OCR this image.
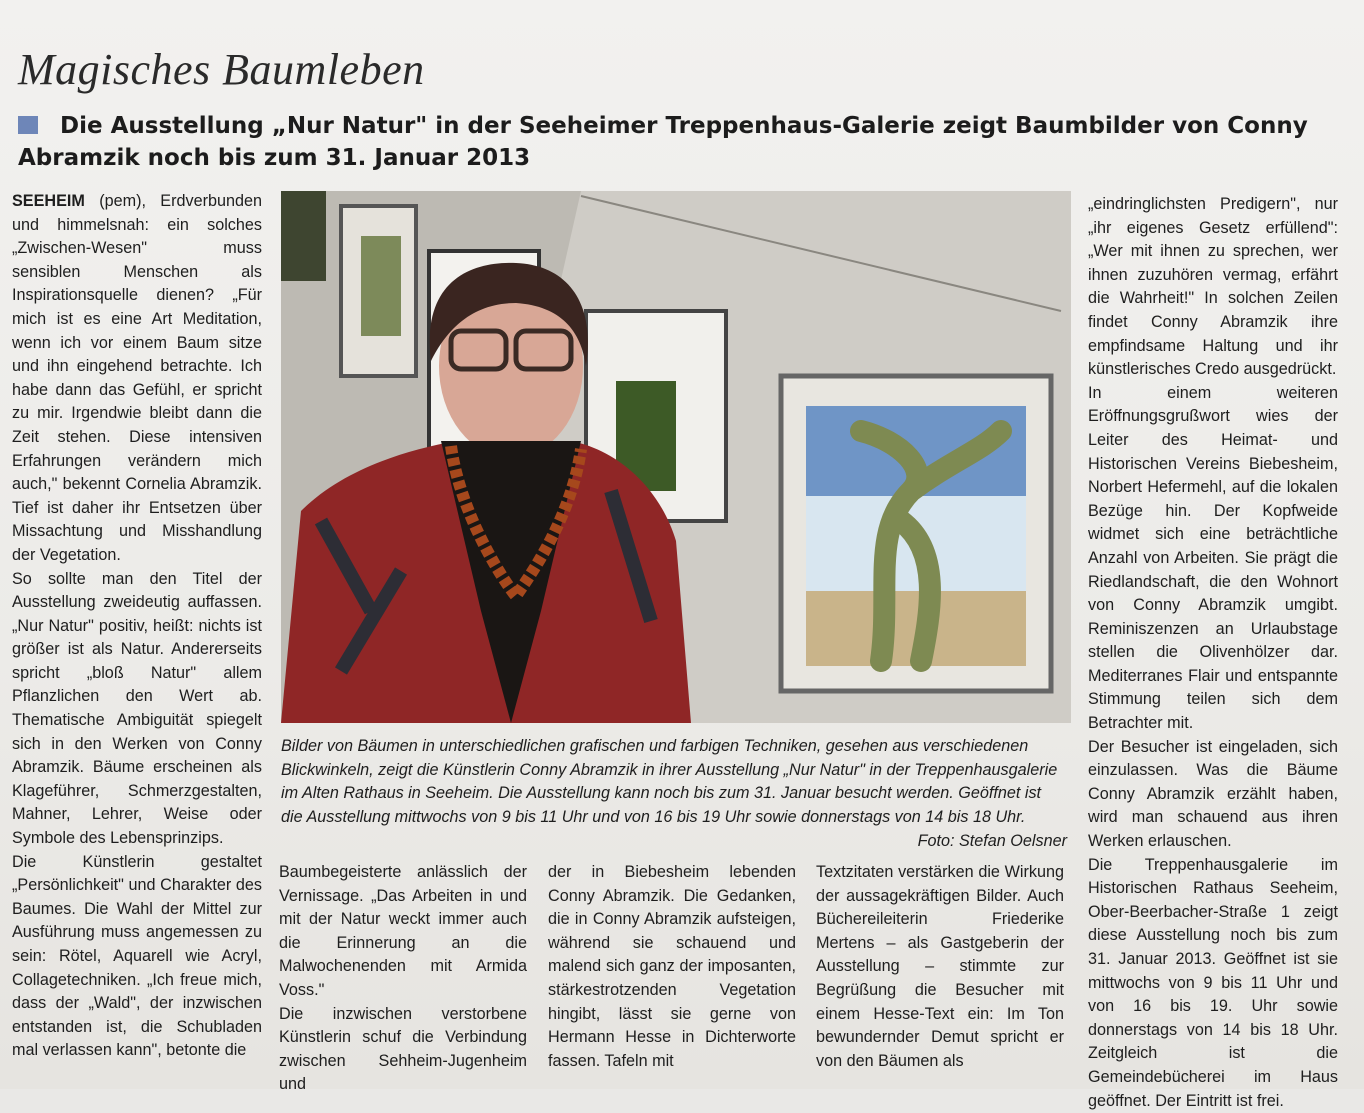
Magisches Baumleben
Die Ausstellung „Nur Natur" in der Seeheimer Treppenhaus-Galerie zeigt Baumbilder von Conny Abramzik noch bis zum 31. Januar 2013

SEEHEIM (pem), Erdverbunden und himmelsnah: ein solches „Zwischen-Wesen" muss sensiblen Menschen als Inspirationsquelle dienen? „Für mich ist es eine Art Meditation, wenn ich vor einem Baum sitze und ihn eingehend betrachte. Ich habe dann das Gefühl, er spricht zu mir. Irgendwie bleibt dann die Zeit stehen. Diese intensiven Erfahrungen verändern mich auch," bekennt Cornelia Abramzik. Tief ist daher ihr Entsetzen über Missachtung und Misshandlung der Vegetation.

So sollte man den Titel der Ausstellung zweideutig auffassen. „Nur Natur" positiv, heißt: nichts ist größer ist als Natur. Andererseits spricht „bloß Natur" allem Pflanzlichen den Wert ab. Thematische Ambiguität spiegelt sich in den Werken von Conny Abramzik. Bäume erscheinen als Klageführer, Schmerzgestalten, Mahner, Lehrer, Weise oder Symbole des Lebensprinzips.

Die Künstlerin gestaltet „Persönlichkeit" und Charakter des Baumes. Die Wahl der Mittel zur Ausführung muss angemessen zu sein: Rötel, Aquarell wie Acryl, Collagetechniken. „Ich freue mich, dass der „Wald", der inzwischen entstanden ist, die Schubladen mal verlassen kann", betonte die

Bilder von Bäumen in unterschiedlichen grafischen und farbigen Techniken, gesehen aus verschiedenen Blickwinkeln, zeigt die Künstlerin Conny Abramzik in ihrer Ausstellung „Nur Natur" in der Treppenhausgalerie im Alten Rathaus in Seeheim. Die Ausstellung kann noch bis zum 31. Januar besucht werden. Geöffnet ist die Ausstellung mittwochs von 9 bis 11 Uhr und von 16 bis 19 Uhr sowie donnerstags von 14 bis 18 Uhr.

Foto: Stefan Oelsner

Baumbegeisterte anlässlich der Vernissage. „Das Arbeiten in und mit der Natur weckt immer auch die Erinnerung an die Malwochenenden mit Armida Voss."

Die inzwischen verstorbene Künstlerin schuf die Verbindung zwischen Sehheim-Jugenheim und

der in Biebesheim lebenden Conny Abramzik. Die Gedanken, die in Conny Abramzik aufsteigen, während sie schauend und malend sich ganz der imposanten, stärkestrotzenden Vegetation hingibt, lässt sie gerne von Hermann Hesse in Dichterworte fassen. Tafeln mit

Textzitaten verstärken die Wirkung der aussagekräftigen Bilder. Auch Büchereileiterin Friederike Mertens – als Gastgeberin der Ausstellung – stimmte zur Begrüßung die Besucher mit einem Hesse-Text ein: Im Ton bewundernder Demut spricht er von den Bäumen als

„eindringlichsten Predigern", nur „ihr eigenes Gesetz erfüllend": „Wer mit ihnen zu sprechen, wer ihnen zuzuhören vermag, erfährt die Wahrheit!" In solchen Zeilen findet Conny Abramzik ihre empfindsame Haltung und ihr künstlerisches Credo ausgedrückt.

In einem weiteren Eröffnungsgrußwort wies der Leiter des Heimat- und Historischen Vereins Biebesheim, Norbert Hefermehl, auf die lokalen Bezüge hin. Der Kopfweide widmet sich eine beträchtliche Anzahl von Arbeiten. Sie prägt die Riedlandschaft, die den Wohnort von Conny Abramzik umgibt. Reminiszenzen an Urlaubstage stellen die Olivenhölzer dar. Mediterranes Flair und entspannte Stimmung teilen sich dem Betrachter mit.

Der Besucher ist eingeladen, sich einzulassen. Was die Bäume Conny Abramzik erzählt haben, wird man schauend aus ihren Werken erlauschen.

Die Treppenhausgalerie im Historischen Rathaus Seeheim, Ober-Beerbacher-Straße 1 zeigt diese Ausstellung noch bis zum 31. Januar 2013. Geöffnet ist sie mittwochs von 9 bis 11 Uhr und von 16 bis 19. Uhr sowie donnerstags von 14 bis 18 Uhr. Zeitgleich ist die Gemeindebücherei im Haus geöffnet. Der Eintritt ist frei.
